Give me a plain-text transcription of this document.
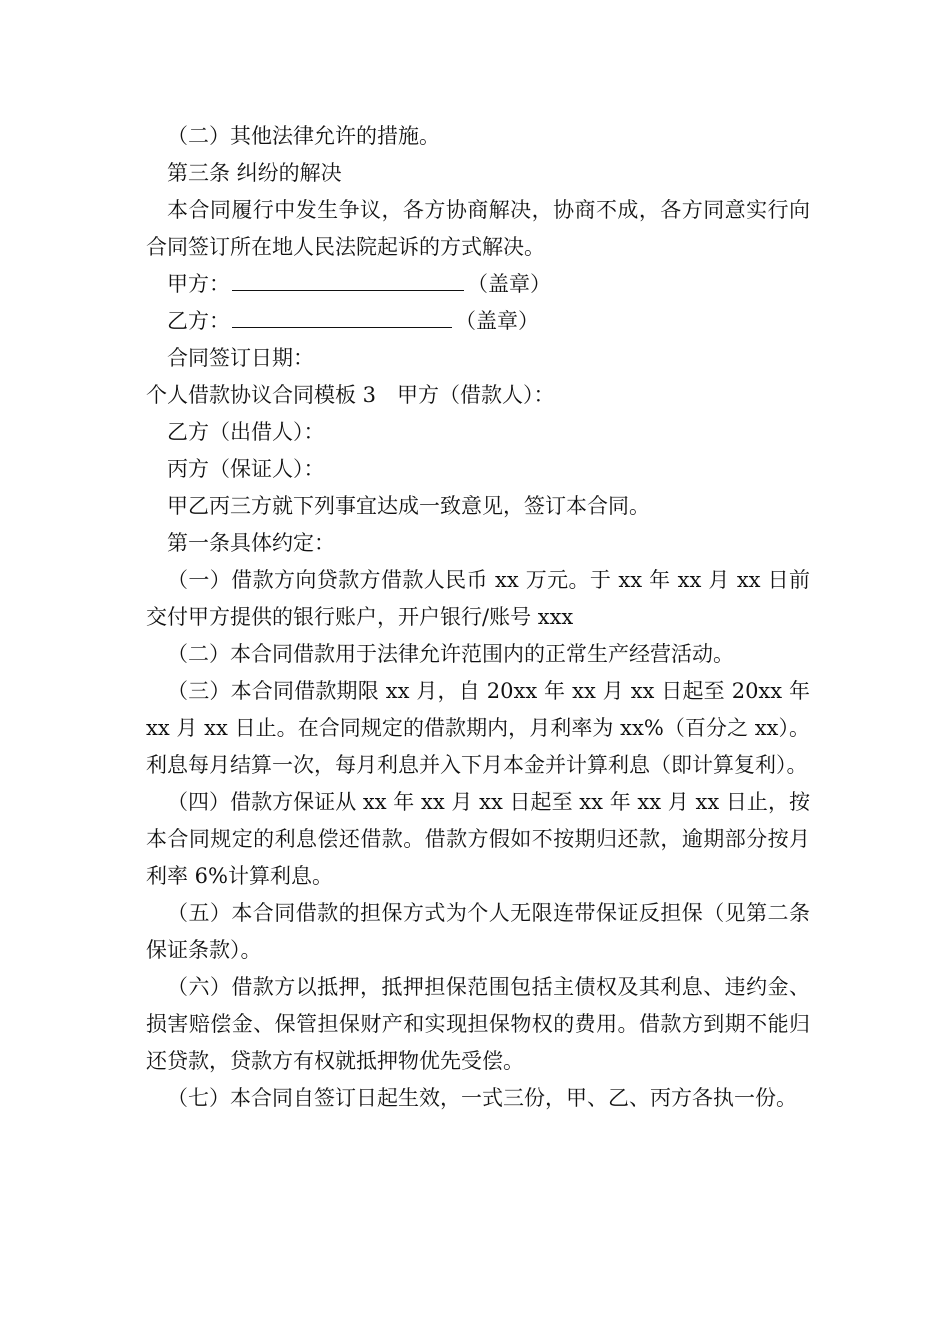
（二）其他法律允许的措施。

第三条 纠纷的解决

本合同履行中发生争议，各方协商解决，协商不成，各方同意实行向合同签订所在地人民法院起诉的方式解决。

甲方：	（盖章）

乙方：	（盖章）

合同签订日期：

个人借款协议合同模板 3　甲方（借款人）：

乙方（出借人）：

丙方（保证人）：

甲乙丙三方就下列事宜达成一致意见，签订本合同。

第一条具体约定：

（一）借款方向贷款方借款人民币 xx 万元。于 xx 年 xx 月 xx 日前交付甲方提供的银行账户，开户银行/账号 xxx

（二）本合同借款用于法律允许范围内的正常生产经营活动。

（三）本合同借款期限 xx 月，自 20xx 年 xx 月 xx 日起至 20xx 年 xx 月 xx 日止。在合同规定的借款期内，月利率为 xx%（百分之 xx）。利息每月结算一次，每月利息并入下月本金并计算利息（即计算复利）。

（四）借款方保证从 xx 年 xx 月 xx 日起至 xx 年 xx 月 xx 日止，按本合同规定的利息偿还借款。借款方假如不按期归还款，逾期部分按月利率 6%计算利息。

（五）本合同借款的担保方式为个人无限连带保证反担保（见第二条保证条款）。

（六）借款方以抵押，抵押担保范围包括主债权及其利息、违约金、损害赔偿金、保管担保财产和实现担保物权的费用。借款方到期不能归还贷款，贷款方有权就抵押物优先受偿。

（七）本合同自签订日起生效，一式三份，甲、乙、丙方各执一份。
